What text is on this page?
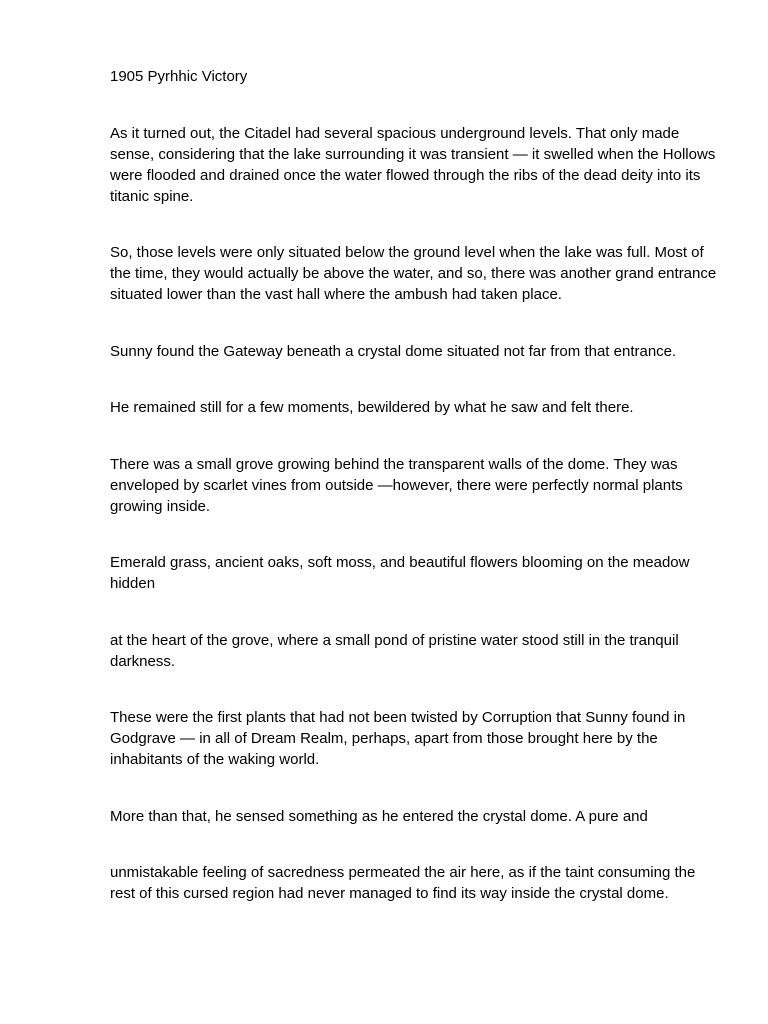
1905 Pyrhhic Victory

As it turned out, the Citadel had several spacious underground levels. That only made sense, considering that the lake surrounding it was transient — it swelled when the Hollows were flooded and drained once the water flowed through the ribs of the dead deity into its titanic spine.

So, those levels were only situated below the ground level when the lake was full. Most of the time, they would actually be above the water, and so, there was another grand entrance situated lower than the vast hall where the ambush had taken place.

Sunny found the Gateway beneath a crystal dome situated not far from that entrance.

He remained still for a few moments, bewildered by what he saw and felt there.

There was a small grove growing behind the transparent walls of the dome. They was enveloped by scarlet vines from outside —however, there were perfectly normal plants growing inside.

Emerald grass, ancient oaks, soft moss, and beautiful flowers blooming on the meadow hidden

at the heart of the grove, where a small pond of pristine water stood still in the tranquil darkness.

These were the first plants that had not been twisted by Corruption that Sunny found in Godgrave — in all of Dream Realm, perhaps, apart from those brought here by the inhabitants of the waking world.

More than that, he sensed something as he entered the crystal dome. A pure and

unmistakable feeling of sacredness permeated the air here, as if the taint consuming the rest of this cursed region had never managed to find its way inside the crystal dome.
